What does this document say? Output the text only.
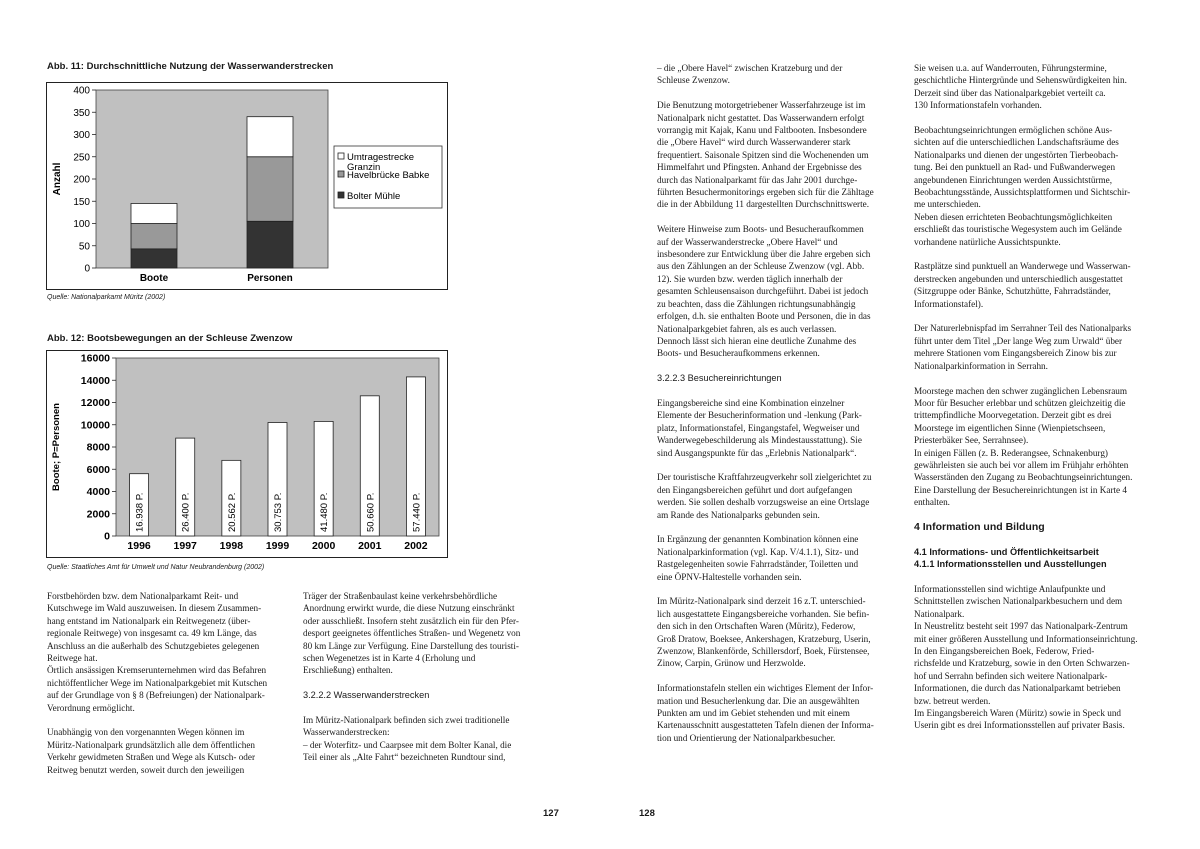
Abb. 11: Durchschnittliche Nutzung der Wasserwanderstrecken
0
50
100
150
200
250
300
350
400
Anzahl
Boote	Personen
Umtragestrecke Granzin
Havelbrücke Babke
Bolter Mühle
Quelle: Nationalparkamt Müritz (2002)
Abb. 12: Bootsbewegungen an der Schleuse Zwenzow
0
2000
4000
6000
8000
10000
12000
14000
16000
Boote; P=Personen
16.938 P.
1996
26.400 P.
1997
20.562 P.
1998
30.753 P.
1999
41.480 P.
2000
50.660 P.
2001
57.440 P.
2002
Quelle: Staatliches Amt für Umwelt und Natur Neubrandenburg (2002)

Forstbehörden bzw. dem Nationalparkamt Reit- und
Kutschwege im Wald auszuweisen. In diesem Zusammen-
hang entstand im Nationalpark ein Reitwegenetz (über-
regionale Reitwege) von insgesamt ca. 49 km Länge, das
Anschluss an die außerhalb des Schutzgebietes gelegenen
Reitwege hat.
Örtlich ansässigen Kremserunternehmen wird das Befahren
nichtöffentlicher Wege im Nationalparkgebiet mit Kutschen
auf der Grundlage von § 8 (Befreiungen) der Nationalpark-
Verordnung ermöglicht.

Unabhängig von den vorgenannten Wegen können im
Müritz-Nationalpark grundsätzlich alle dem öffentlichen
Verkehr gewidmeten Straßen und Wege als Kutsch- oder
Reitweg benutzt werden, soweit durch den jeweiligen

Träger der Straßenbaulast keine verkehrsbehördliche
Anordnung erwirkt wurde, die diese Nutzung einschränkt
oder ausschließt. Insofern steht zusätzlich ein für den Pfer-
desport geeignetes öffentliches Straßen- und Wegenetz von
80 km Länge zur Verfügung. Eine Darstellung des touristi-
schen Wegenetzes ist in Karte 4 (Erholung und
Erschließung) enthalten.

3.2.2.2 Wasserwanderstrecken

Im Müritz-Nationalpark befinden sich zwei traditionelle
Wasserwanderstrecken:
– der Woterfitz- und Caarpsee mit dem Bolter Kanal, die
Teil einer als „Alte Fahrt“ bezeichneten Rundtour sind,

127

– die „Obere Havel“ zwischen Kratzeburg und der
Schleuse Zwenzow.

Die Benutzung motorgetriebener Wasserfahrzeuge ist im
Nationalpark nicht gestattet. Das Wasserwandern erfolgt
vorrangig mit Kajak, Kanu und Faltbooten. Insbesondere
die „Obere Havel“ wird durch Wasserwanderer stark
frequentiert. Saisonale Spitzen sind die Wochenenden um
Himmelfahrt und Pfingsten. Anhand der Ergebnisse des
durch das Nationalparkamt für das Jahr 2001 durchge-
führten Besuchermonitorings ergeben sich für die Zähltage
die in der Abbildung 11 dargestellten Durchschnittswerte.

Weitere Hinweise zum Boots- und Besucheraufkommen
auf der Wasserwanderstrecke „Obere Havel“ und
insbesondere zur Entwicklung über die Jahre ergeben sich
aus den Zählungen an der Schleuse Zwenzow (vgl. Abb.
12). Sie wurden bzw. werden täglich innerhalb der
gesamten Schleusensaison durchgeführt. Dabei ist jedoch
zu beachten, dass die Zählungen richtungsunabhängig
erfolgen, d.h. sie enthalten Boote und Personen, die in das
Nationalparkgebiet fahren, als es auch verlassen.
Dennoch lässt sich hieran eine deutliche Zunahme des
Boots- und Besucheraufkommens erkennen.

3.2.2.3 Besuchereinrichtungen

Eingangsbereiche sind eine Kombination einzelner
Elemente der Besucherinformation und -lenkung (Park-
platz, Informationstafel, Eingangstafel, Wegweiser und
Wanderwegebeschilderung als Mindestausstattung). Sie
sind Ausgangspunkte für das „Erlebnis Nationalpark“.

Der touristische Kraftfahrzeugverkehr soll zielgerichtet zu
den Eingangsbereichen geführt und dort aufgefangen
werden. Sie sollen deshalb vorzugsweise an eine Ortslage
am Rande des Nationalparks gebunden sein.

In Ergänzung der genannten Kombination können eine
Nationalparkinformation (vgl. Kap. V/4.1.1), Sitz- und
Rastgelegenheiten sowie Fahrradständer, Toiletten und
eine ÖPNV-Haltestelle vorhanden sein.

Im Müritz-Nationalpark sind derzeit 16 z.T. unterschied-
lich ausgestattete Eingangsbereiche vorhanden. Sie befin-
den sich in den Ortschaften Waren (Müritz), Federow,
Groß Dratow, Boeksee, Ankershagen, Kratzeburg, Userin,
Zwenzow, Blankenförde, Schillersdorf, Boek, Fürstensee,
Zinow, Carpin, Grünow und Herzwolde.

Informationstafeln stellen ein wichtiges Element der Infor-
mation und Besucherlenkung dar. Die an ausgewählten
Punkten am und im Gebiet stehenden und mit einem
Kartenausschnitt ausgestatteten Tafeln dienen der Informa-
tion und Orientierung der Nationalparkbesucher.

Sie weisen u.a. auf Wanderrouten, Führungstermine,
geschichtliche Hintergründe und Sehenswürdigkeiten hin.
Derzeit sind über das Nationalparkgebiet verteilt ca.
130 Informationstafeln vorhanden.

Beobachtungseinrichtungen ermöglichen schöne Aus-
sichten auf die unterschiedlichen Landschaftsräume des
Nationalparks und dienen der ungestörten Tierbeobach-
tung. Bei den punktuell an Rad- und Fußwanderwegen
angebundenen Einrichtungen werden Aussichtstürme,
Beobachtungsstände, Aussichtsplattformen und Sichtschir-
me unterschieden.
Neben diesen errichteten Beobachtungsmöglichkeiten
erschließt das touristische Wegesystem auch im Gelände
vorhandene natürliche Aussichtspunkte.

Rastplätze sind punktuell an Wanderwege und Wasserwan-
derstrecken angebunden und unterschiedlich ausgestattet
(Sitzgruppe oder Bänke, Schutzhütte, Fahrradständer,
Informationstafel).

Der Naturerlebnispfad im Serrahner Teil des Nationalparks
führt unter dem Titel „Der lange Weg zum Urwald“ über
mehrere Stationen vom Eingangsbereich Zinow bis zur
Nationalparkinformation in Serrahn.

Moorstege machen den schwer zugänglichen Lebensraum
Moor für Besucher erlebbar und schützen gleichzeitig die
trittempfindliche Moorvegetation. Derzeit gibt es drei
Moorstege im eigentlichen Sinne (Wienpietschseen,
Priesterbäker See, Serrahnsee).
In einigen Fällen (z. B. Rederangsee, Schnakenburg)
gewährleisten sie auch bei vor allem im Frühjahr erhöhten
Wasserständen den Zugang zu Beobachtungseinrichtungen.
Eine Darstellung der Besuchereinrichtungen ist in Karte 4
enthalten.

4 Information und Bildung
4.1 Informations- und Öffentlichkeitsarbeit
4.1.1 Informationsstellen und Ausstellungen

Informationsstellen sind wichtige Anlaufpunkte und
Schnittstellen zwischen Nationalparkbesuchern und dem
Nationalpark.
In Neustrelitz besteht seit 1997 das Nationalpark-Zentrum
mit einer größeren Ausstellung und Informationseinrichtung.
In den Eingangsbereichen Boek, Federow, Fried-
richsfelde und Kratzeburg, sowie in den Orten Schwarzen-
hof und Serrahn befinden sich weitere Nationalpark-
Informationen, die durch das Nationalparkamt betrieben
bzw. betreut werden.
Im Eingangsbereich Waren (Müritz) sowie in Speck und
Userin gibt es drei Informationsstellen auf privater Basis.

128
